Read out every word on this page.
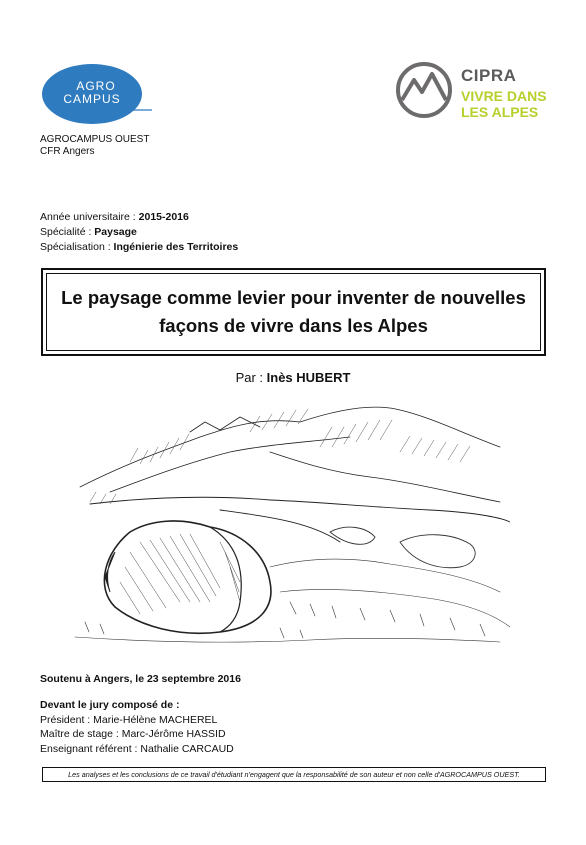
AGRO
CAMPUS
OUEST
AGROCAMPUS OUEST
CFR Angers
CIPRA
VIVRE DANS
LES ALPES
Année universitaire : 2015-2016
Spécialité : Paysage
Spécialisation : Ingénierie des Territoires
Le paysage comme levier pour inventer de nouvelles façons de vivre dans les Alpes
Par : Inès HUBERT
Soutenu à Angers, le 23 septembre 2016
Devant le jury composé de :
Président : Marie-Hélène MACHEREL
Maître de stage : Marc-Jérôme HASSID
Enseignant référent : Nathalie CARCAUD
Les analyses et les conclusions de ce travail d'étudiant n'engagent que la responsabilité de son auteur et non celle d'AGROCAMPUS OUEST.
